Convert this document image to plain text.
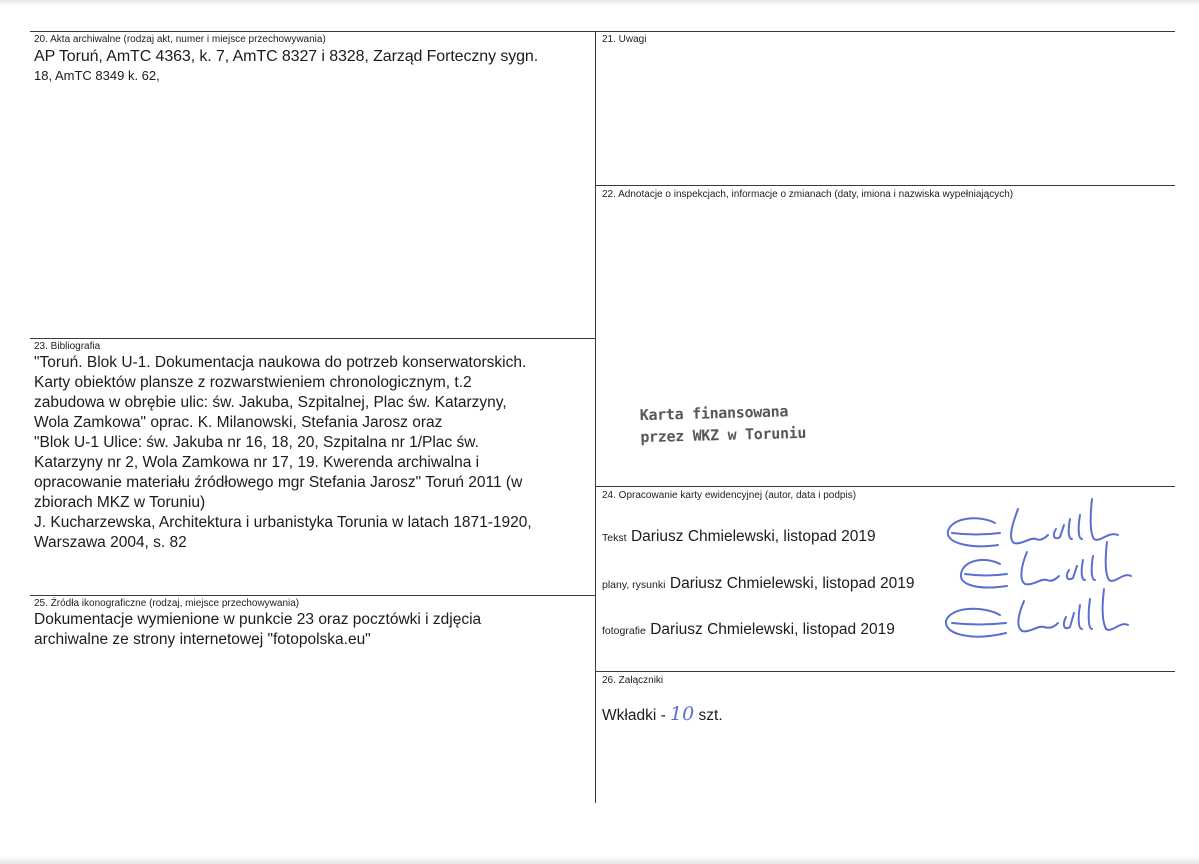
20. Akta archiwalne (rodzaj akt, numer i miejsce przechowywania)

AP Toruń, AmTC 4363, k. 7, AmTC 8327 i 8328, Zarząd Forteczny sygn.

18, AmTC 8349 k. 62,

21. Uwagi
22. Adnotacje o inspekcjach, informacje o zmianach (daty, imiona i nazwiska wypełniających)
Karta finansowana
przez WKZ w Toruniu
23. Bibliografia

"Toruń. Blok U-1. Dokumentacja naukowa do potrzeb konserwatorskich.

Karty obiektów plansze z rozwarstwieniem chronologicznym, t.2

zabudowa w obrębie ulic: św. Jakuba, Szpitalnej, Plac św. Katarzyny,

Wola Zamkowa" oprac. K. Milanowski, Stefania Jarosz oraz

"Blok U-1 Ulice: św. Jakuba nr 16, 18, 20, Szpitalna nr 1/Plac św.

Katarzyny nr 2, Wola Zamkowa nr 17, 19. Kwerenda archiwalna i

opracowanie materiału źródłowego mgr Stefania Jarosz" Toruń 2011 (w

zbiorach MKZ w Toruniu)

J. Kucharzewska, Architektura i urbanistyka Torunia w latach 1871-1920,

Warszawa 2004, s. 82

24. Opracowanie karty ewidencyjnej (autor, data i podpis)
Tekst Dariusz Chmielewski, listopad 2019
plany, rysunki Dariusz Chmielewski, listopad 2019
fotografie Dariusz Chmielewski, listopad 2019
25. Źródła ikonograficzne (rodzaj, miejsce przechowywania)

Dokumentacje wymienione w punkcie 23 oraz pocztówki i zdjęcia

archiwalne ze strony internetowej "fotopolska.eu"

26. Załączniki
Wkładki - 10 szt.
